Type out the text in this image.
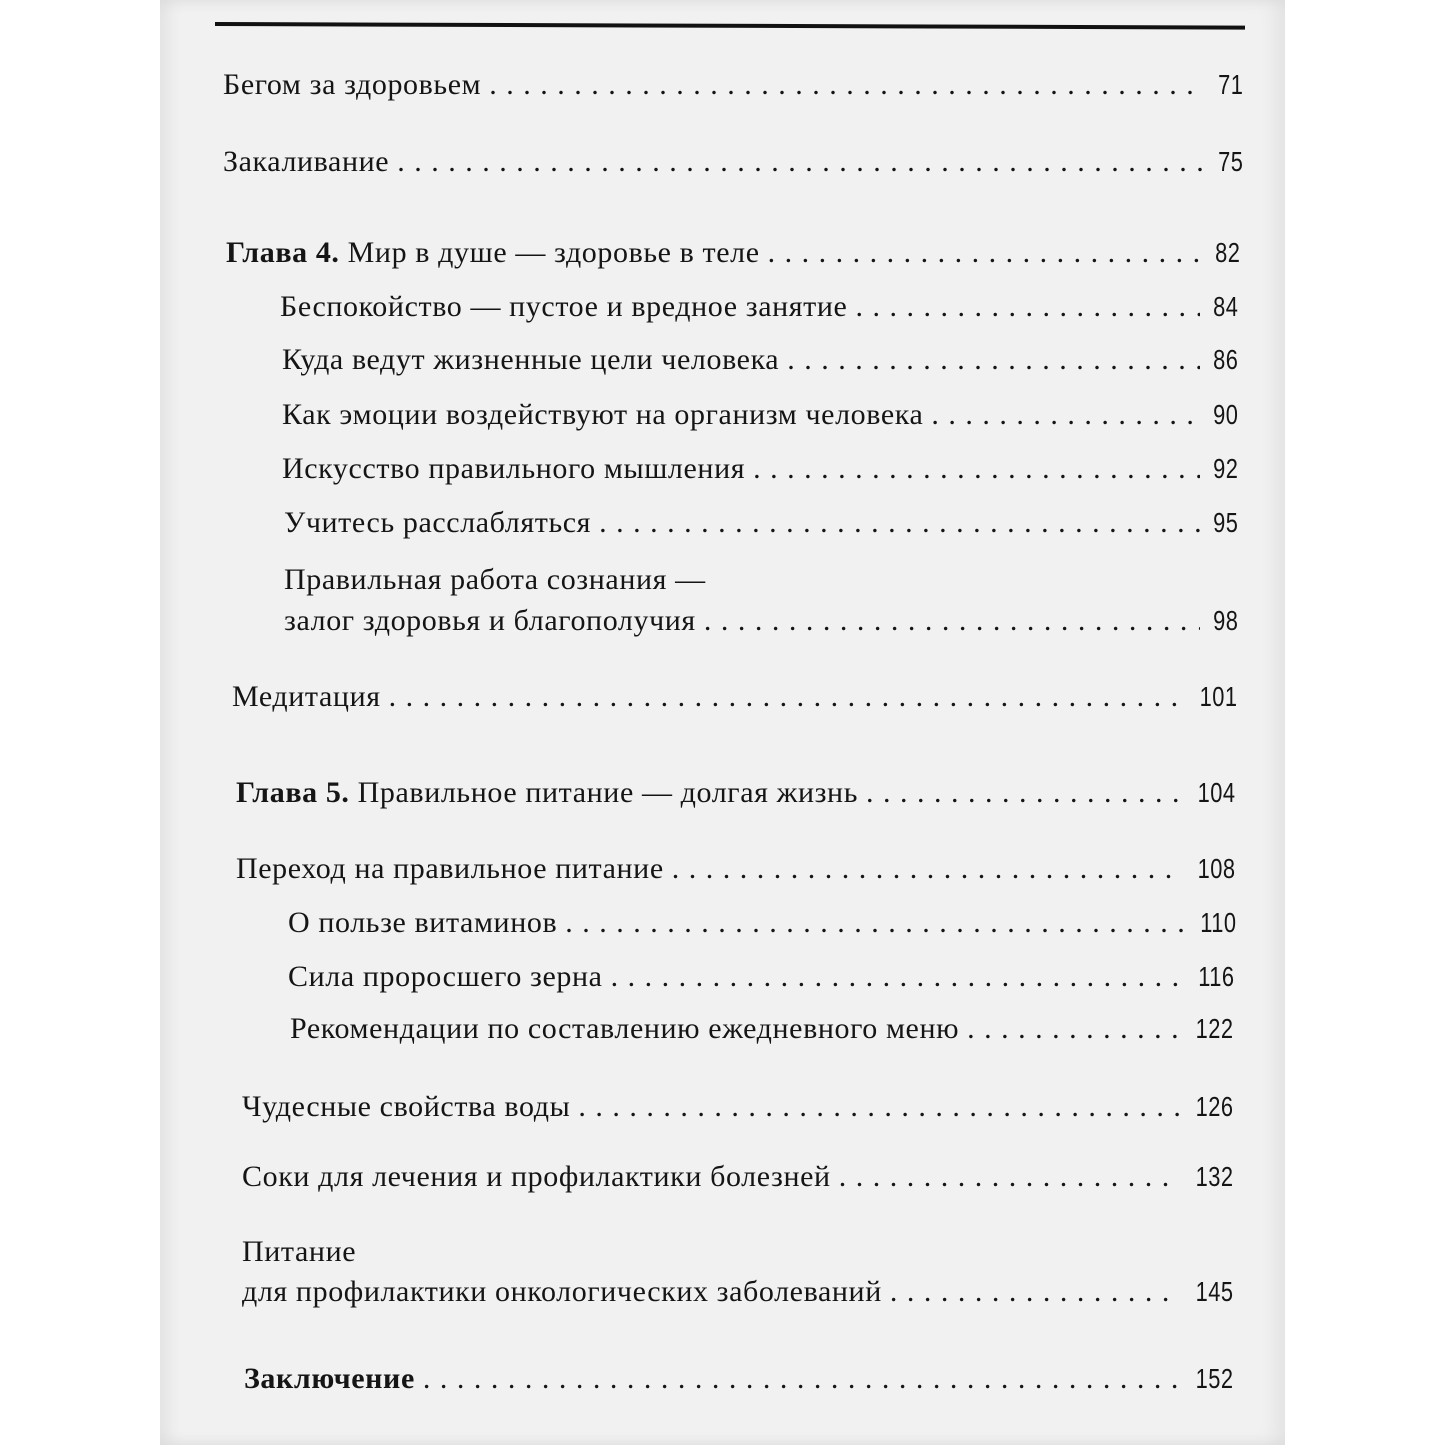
Бегом за здоровьем . . .	71
Закаливание . . .	75
Глава 4. Мир в душе — здоровье в теле . . .	82
Беспокойство — пустое и вредное занятие . . .	84
Куда ведут жизненные цели человека . . .	86
Как эмоции воздействуют на организм человека . . .	90
Искусство правильного мышления . . .	92
Учитесь расслабляться . . .	95
Правильная работа сознания —
залог здоровья и благополучия . . .	98
Медитация . . .	101
Глава 5. Правильное питание — долгая жизнь . . .	104
Переход на правильное питание . . .	108
О пользе витаминов . . .	110
Сила проросшего зерна . . .	116
Рекомендации по составлению ежедневного меню . . .	122
Чудесные свойства воды . . .	126
Соки для лечения и профилактики болезней . . .	132
Питание
для профилактики онкологических заболеваний . . .	145
Заключение . . .	152
